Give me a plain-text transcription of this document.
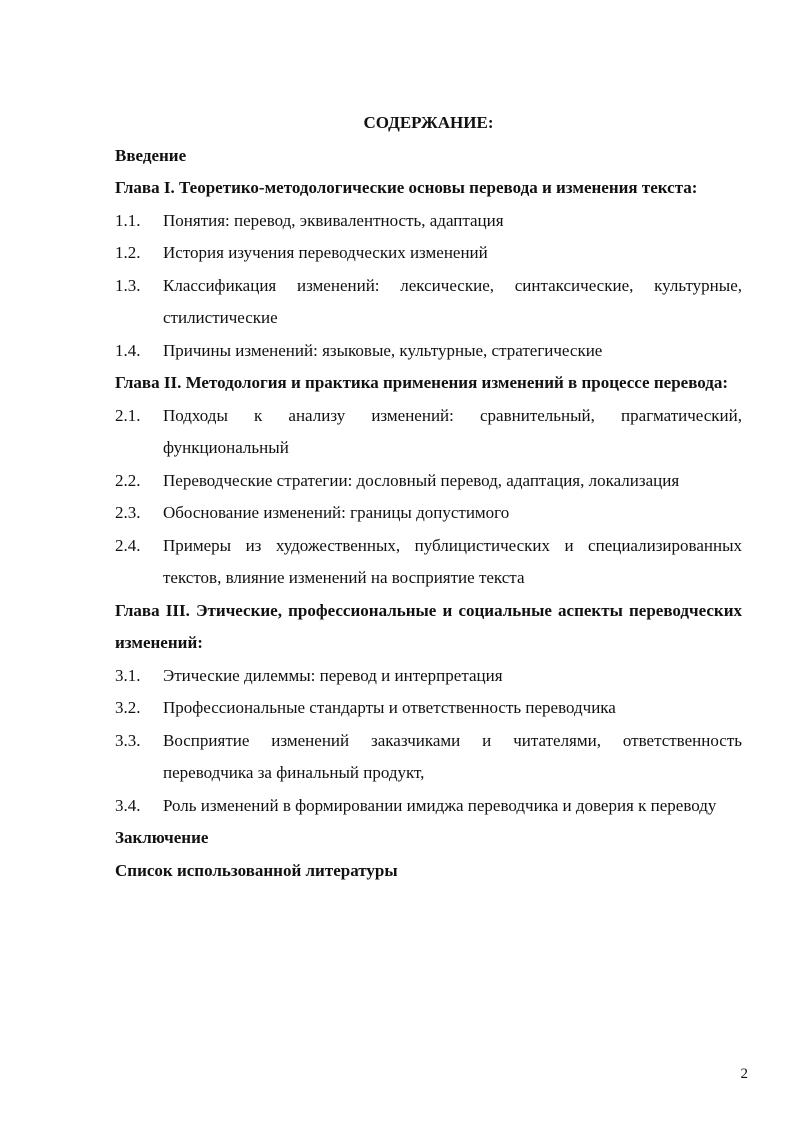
СОДЕРЖАНИЕ:
Введение
Глава I. Теоретико-методологические основы перевода и изменения текста:
1.1. Понятия: перевод, эквивалентность, адаптация
1.2. История изучения переводческих изменений
1.3. Классификация изменений: лексические, синтаксические, культурные, стилистические
1.4. Причины изменений: языковые, культурные, стратегические
Глава II. Методология и практика применения изменений в процессе перевода:
2.1. Подходы к анализу изменений: сравнительный, прагматический, функциональный
2.2. Переводческие стратегии: дословный перевод, адаптация, локализация
2.3. Обоснование изменений: границы допустимого
2.4. Примеры из художественных, публицистических и специализированных текстов, влияние изменений на восприятие текста
Глава III. Этические, профессиональные и социальные аспекты переводческих изменений:
3.1. Этические дилеммы: перевод и интерпретация
3.2. Профессиональные стандарты и ответственность переводчика
3.3. Восприятие изменений заказчиками и читателями, ответственность переводчика за финальный продукт,
3.4. Роль изменений в формировании имиджа переводчика и доверия к переводу
Заключение
Список использованной литературы
2
